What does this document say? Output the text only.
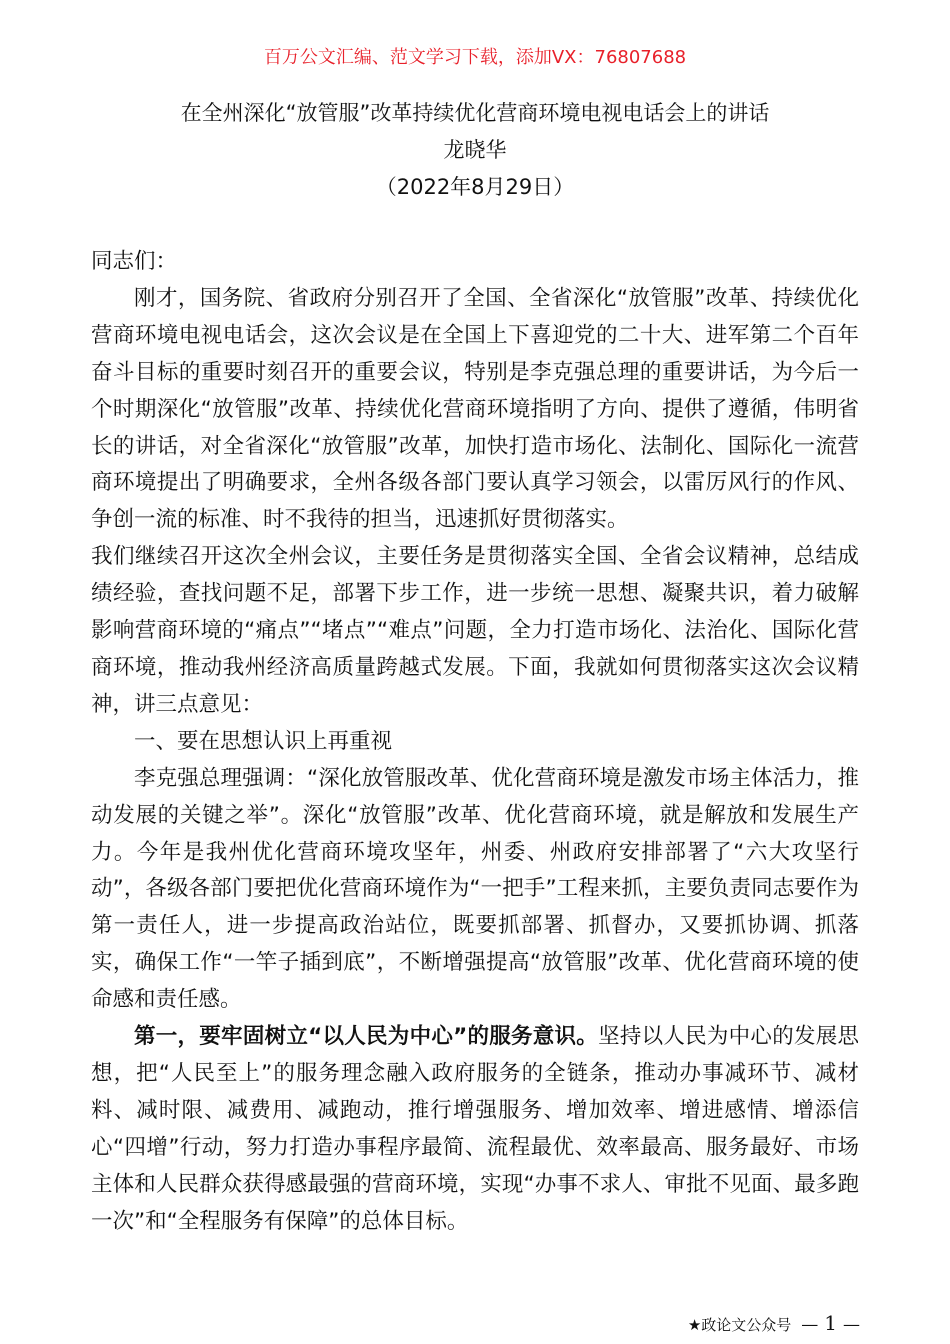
百万公文汇编、范文学习下载，添加VX：76807688
在全州深化“放管服”改革持续优化营商环境电视电话会上的讲话
龙晓华
（2022年8月29日）

同志们：

刚才，国务院、省政府分别召开了全国、全省深化“放管服”改革、持续优化营商环境电视电话会，这次会议是在全国上下喜迎党的二十大、进军第二个百年奋斗目标的重要时刻召开的重要会议，特别是李克强总理的重要讲话，为今后一个时期深化“放管服”改革、持续优化营商环境指明了方向、提供了遵循，伟明省长的讲话，对全省深化“放管服”改革，加快打造市场化、法制化、国际化一流营商环境提出了明确要求，全州各级各部门要认真学习领会，以雷厉风行的作风、争创一流的标准、时不我待的担当，迅速抓好贯彻落实。

我们继续召开这次全州会议，主要任务是贯彻落实全国、全省会议精神，总结成绩经验，查找问题不足，部署下步工作，进一步统一思想、凝聚共识，着力破解影响营商环境的“痛点”“堵点”“难点”问题，全力打造市场化、法治化、国际化营商环境，推动我州经济高质量跨越式发展。下面，我就如何贯彻落实这次会议精神，讲三点意见：

一、要在思想认识上再重视

李克强总理强调：“深化放管服改革、优化营商环境是激发市场主体活力，推动发展的关键之举”。深化“放管服”改革、优化营商环境，就是解放和发展生产力。今年是我州优化营商环境攻坚年，州委、州政府安排部署了“六大攻坚行动”，各级各部门要把优化营商环境作为“一把手”工程来抓，主要负责同志要作为第一责任人，进一步提高政治站位，既要抓部署、抓督办，又要抓协调、抓落实，确保工作“一竿子插到底”，不断增强提高“放管服”改革、优化营商环境的使命感和责任感。

第一，要牢固树立“以人民为中心”的服务意识。坚持以人民为中心的发展思想，把“人民至上”的服务理念融入政府服务的全链条，推动办事减环节、减材料、减时限、减费用、减跑动，推行增强服务、增加效率、增进感情、增添信心“四增”行动，努力打造办事程序最简、流程最优、效率最高、服务最好、市场主体和人民群众获得感最强的营商环境，实现“办事不求人、审批不见面、最多跑一次”和“全程服务有保障”的总体目标。

★政论文公众号 — 1 —
